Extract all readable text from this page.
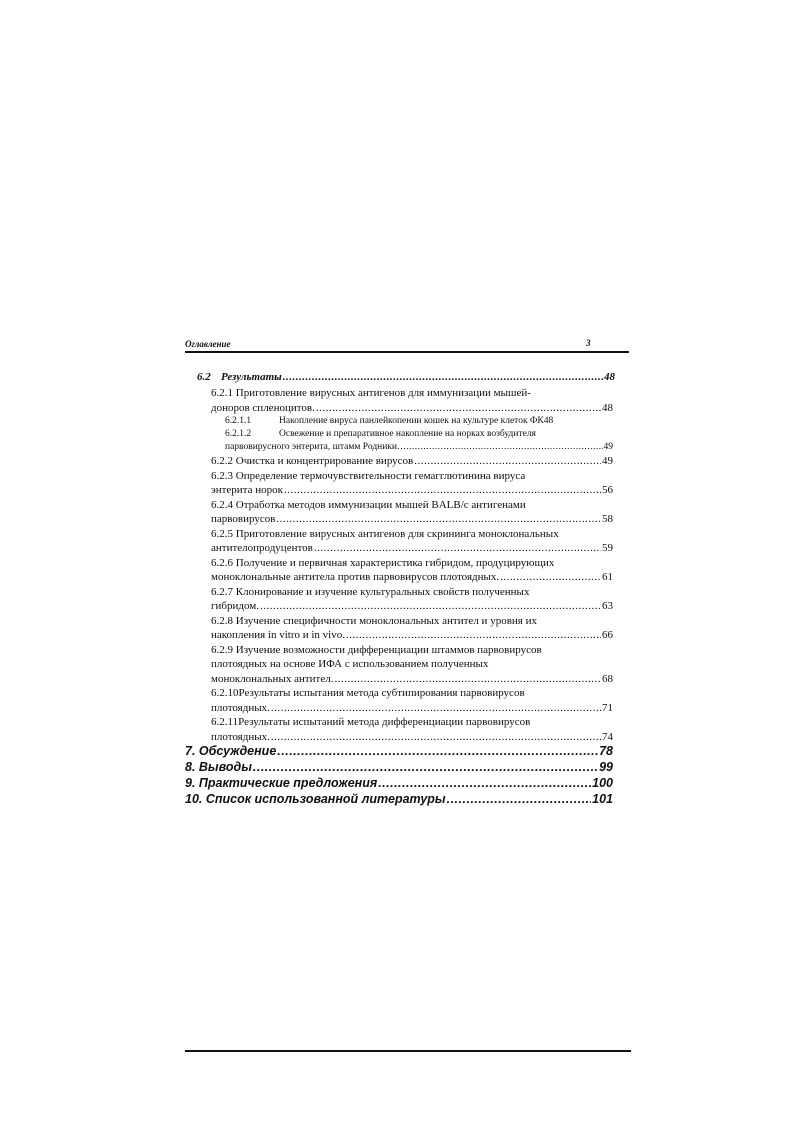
Оглавление	3
6.2 Результаты .....	48
6.2.1 Приготовление вирусных антигенов для иммунизации мышей-
доноров спленоцитов. .....	48
6.2.1.1	Накопление вируса панлейкопении кошек на культуре клеток ФК 48
6.2.1.2	Освежение и препаративное накопление на норках возбудителя
парвовирусного энтерита, штамм Родники. .....	49
6.2.2 Очистка и концентрирование вирусов .....	49
6.2.3 Определение термочувствительности гемагглютинина вируса
энтерита норок .....	56
6.2.4 Отработка методов иммунизации мышей BALB/c антигенами
парвовирусов .....	58
6.2.5 Приготовление вирусных антигенов для скрининга моноклональных
антителопродуцентов .....	59
6.2.6 Получение и первичная характеристика гибридом, продуцирующих
моноклональные антитела против парвовирусов плотоядных. .....	61
6.2.7 Клонирование и изучение культуральных свойств полученных
гибридом. .....	63
6.2.8 Изучение специфичности моноклональных антител и уровня их
накопления in vitro и in vivo. .....	66
6.2.9 Изучение возможности дифференциации штаммов парвовирусов
плотоядных на основе ИФА с использованием полученных
моноклональных антител. .....	68
6.2.10Результаты испытания метода субтипирования парвовирусов
плотоядных. .....	71
6.2.11Результаты испытаний метода дифференциации парвовирусов
плотоядных. .....	74
7. Обсуждение .....	78
8. Выводы .....	99
9. Практические предложения .....	100
10. Список использованной литературы .....	101
